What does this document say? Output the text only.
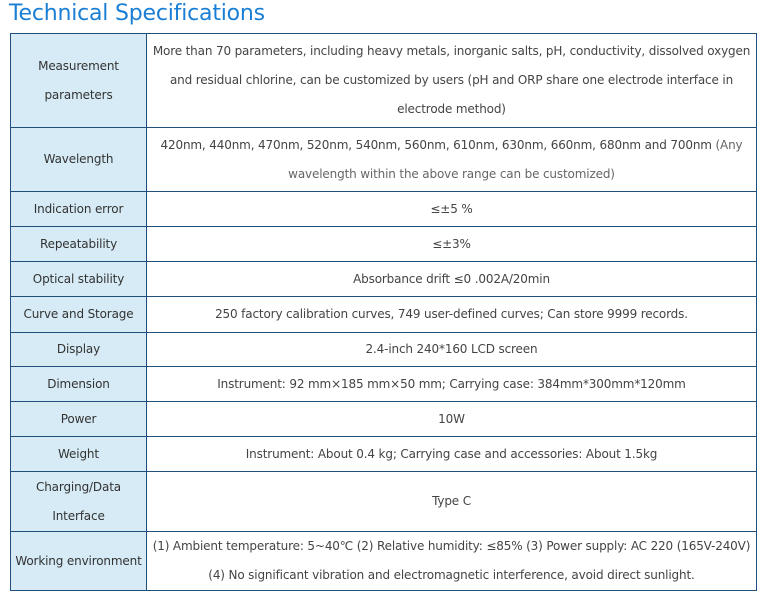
Technical Specifications
Measurement
parameters	More than 70 parameters, including heavy metals, inorganic salts, pH, conductivity, dissolved oxygen and residual chlorine, can be customized by users (pH and ORP share one electrode interface in electrode method)
Wavelength	420nm, 440nm, 470nm, 520nm, 540nm, 560nm, 610nm, 630nm, 660nm, 680nm and 700nm (Any wavelength within the above range can be customized)
Indication error	≤±5 %
Repeatability	≤±3%
Optical stability	Absorbance drift ≤0 .002A/20min
Curve and Storage	250 factory calibration curves, 749 user-defined curves; Can store 9999 records.
Display	2.4-inch 240*160 LCD screen
Dimension	Instrument: 92 mm×185 mm×50 mm; Carrying case: 384mm*300mm*120mm
Power	10W
Weight	Instrument: About 0.4 kg; Carrying case and accessories: About 1.5kg
Charging/Data
Interface	Type C
Working environment	(1) Ambient temperature: 5~40℃ (2) Relative humidity: ≤85% (3) Power supply: AC 220 (165V-240V) (4) No significant vibration and electromagnetic interference, avoid direct sunlight.
